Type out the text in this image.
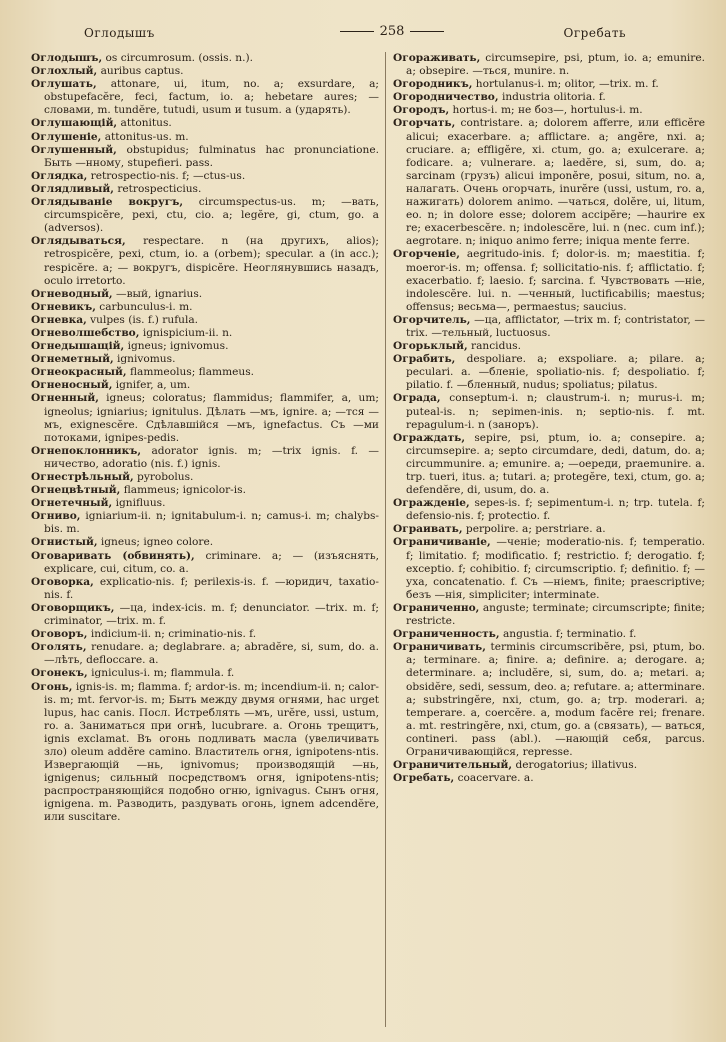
Оглодышъ	258	Огребать

Оглодышъ, os circumrosum. (ossis. n.).

Оглохлый, auribus captus.

Оглушать, attonare, ui, itum, no. a; exsurdare, a; obstupefacĕre, feci, factum, io. a; hebetare aures; — словами, m. tundĕre, tutudi, usum и tusum. a (ударять).

Оглушающій, attonitus.

Оглушеніе, attonitus-us. m.

Оглушенный, obstupidus; fulminatus hac pronunciatione. Быть —нному, stupefieri. pass.

Оглядка, retrospectio-nis. f; —ctus-us.

Оглядливый, retrospecticius.

Оглядываніе вокругъ, circumspectus-us. m; —вать, circumspicĕre, pexi, ctu, cio. a; legĕre, gi, ctum, go. a (adversos).

Оглядываться, respectare. n (на другихъ, alios); retrospicĕre, pexi, ctum, io. a (orbem); specular. a (in acc.); respicĕre. a; — вокругъ, dispicĕre. Неоглянувшись назадъ, oculo irretorto.

Огневодный, —вый, ignarius.

Огневикъ, carbunculus-i. m.

Огневка, vulpes (is. f.) rufula.

Огневолшебство, ignispicium-ii. n.

Огнедышащій, igneus; ignivomus.

Огнеметный, ignivomus.

Огнеокрасный, flammeolus; flammeus.

Огненосный, ignifer, a, um.

Огненный, igneus; coloratus; flammidus; flammifer, a, um; igneolus; igniarius; ignitulus. Дѣлать —мъ, ignire. a; —тся —мъ, exignescĕre. Сдѣлавшійся —мъ, ignefactus. Съ —ми потоками, ignipes-pedis.

Огнепоклонникъ, adorator ignis. m; —trix ignis. f. —ничество, adoratio (nis. f.) ignis.

Огнестрѣльный, pyrobolus.

Огнецвѣтный, flammeus; ignicolor-is.

Огнетечный, ignifluus.

Огниво, igniarium-ii. n; ignitabulum-i. n; camus-i. m; chalybs-bis. m.

Огнистый, igneus; igneo colore.

Оговаривать (обвинять), criminare. a; — (изъяснять, explicare, cui, citum, co. a.

Оговорка, explicatio-nis. f; perilexis-is. f. —юридич, taxatio-nis. f.

Оговорщикъ, —ца, index-icis. m. f; denunciator. —trix. m. f; criminator, —trix. m. f.

Оговоръ, indicium-ii. n; criminatio-nis. f.

Оголять, renudare. a; deglabrare. a; abradĕre, si, sum, do. a. —лѣть, deflocсare. a.

Огонекъ, igniculus-i. m; flammula. f.

Огонь, ignis-is. m; flamma. f; ardor-is. m; incendium-ii. n; calor-is. m; mt. fervor-is. m; Быть между двумя огнями, hac urget lupus, hac canis. Посл. Истреблять —мъ, urĕre, ussi, ustum, ro. a. Заниматься при огнѣ, lucubrare. a. Огонь трещитъ, ignis exclamat. Въ огонь подливать масла (увеличивать зло) oleum addĕre camino. Властитель огня, ignipotens-ntis. Извергающій —нь, ignivomus; производящій —нь, ignigenus; сильный посредствомъ огня, ignipotens-ntis; распространяющійся подобно огню, ignivagus. Сынъ огня, ignigena. m. Разводить, раздувать огонь, ignem adcendĕre, или suscitare.

Огораживать, circumsepire, psi, ptum, io. a; emunire. a; obsepire. —ться, munire. n.

Огородникъ, hortulanus-i. m; olitor, —trix. m. f.

Огородничество, industria olitoria. f.

Огородъ, hortus-i. m; не боз—, hortulus-i. m.

Огорчать, contristare. a; dolorem afferre, или efficĕre alicui; exacerbare. a; afflictare. a; angĕre, nxi. a; cruciare. a; effligĕre, xi. ctum, go. a; exulcerare. a; fodicare. a; vulnerare. a; laedĕre, si, sum, do. a; sarcinam (грузъ) alicui imponĕre, posui, situm, no. a, налагать. Очень огорчать, inurĕre (ussi, ustum, ro. a, нажигать) dolorem animo. —чаться, dolĕre, ui, litum, eo. n; in dolore esse; dolorem accipĕre; —haurire ex re; exacerbescĕre. n; indolescĕre, lui. n (nec. cum inf.); aegrotare. n; iniquo animo ferre; iniqua mente ferre.

Огорченіе, aegritudo-inis. f; dolor-is. m; maestitia. f; moeror-is. m; offensa. f; sollicitatio-nis. f; afflictatio. f; exacerbatio. f; laesio. f; sarcina. f. Чувствовать —ніе, indolescĕre. lui. n. —ченный, luctificabilis; maestus; offensus; весьма—, permaestus; saucius.

Огорчитель, —ца, afflictator, —trix m. f; contristator, —trix. —тельный, luctuosus.

Огорьклый, rancidus.

Ограбить, despoliare. a; exspoliare. a; pilare. a; peculari. a. —бленіе, spoliatio-nis. f; despoliatio. f; pilatio. f. —бленный, nudus; spoliatus; pilatus.

Ограда, conseptum-i. n; claustrum-i. n; murus-i. m; puteal-is. n; sepimen-inis. n; septio-nis. f. mt. repagulum-i. n (заноръ).

Ограждать, sepire, psi, ptum, io. a; consepire. a; circumsepire. a; septo circumdare, dedi, datum, do. a; circummunire. a; emunire. a; —оереди, praemunire. a. trp. tueri, itus. a; tutari. a; protegĕre, texi, ctum, go. a; defendĕre, di, usum, do. a.

Огражденіе, sepes-is. f; sepimentum-i. n; trp. tutela. f; defensio-nis. f; protectio. f.

Ограивать, perpolire. a; perstriare. a.

Ограничиваніе, —ченіе; moderatio-nis. f; temperatio. f; limitatio. f; modificatio. f; restrictio. f; derogatio. f; exceptio. f; cohibitio. f; circumscriptio. f; definitio. f; —уха, concatenatio. f. Съ —ніемъ, finite; praescriptive; безъ —нія, simpliciter; interminate.

Ограниченно, anguste; terminate; circumscripte; finite; restricte.

Ограниченность, angustia. f; terminatio. f.

Ограничивать, terminis circumscribĕre, psi, ptum, bo. a; terminare. a; finire. a; definire. a; derogare. a; determinare. a; includĕre, si, sum, do. a; metari. a; obsidĕre, sedi, sessum, deo. a; refutare. a; atterminare. a; substringĕre, nxi, ctum, go. a; trp. moderari. a; temperare. a, coercĕre. a, modum facĕre rei; frenare. a. mt. restringĕre, nxi, ctum, go. a (связать), — ваться, contineri. pass (abl.). —нающій себя, parcus. Ограничивающійся, represse.

Ограничительный, derogatorius; illativus.

Огребать, coacervare. a.
